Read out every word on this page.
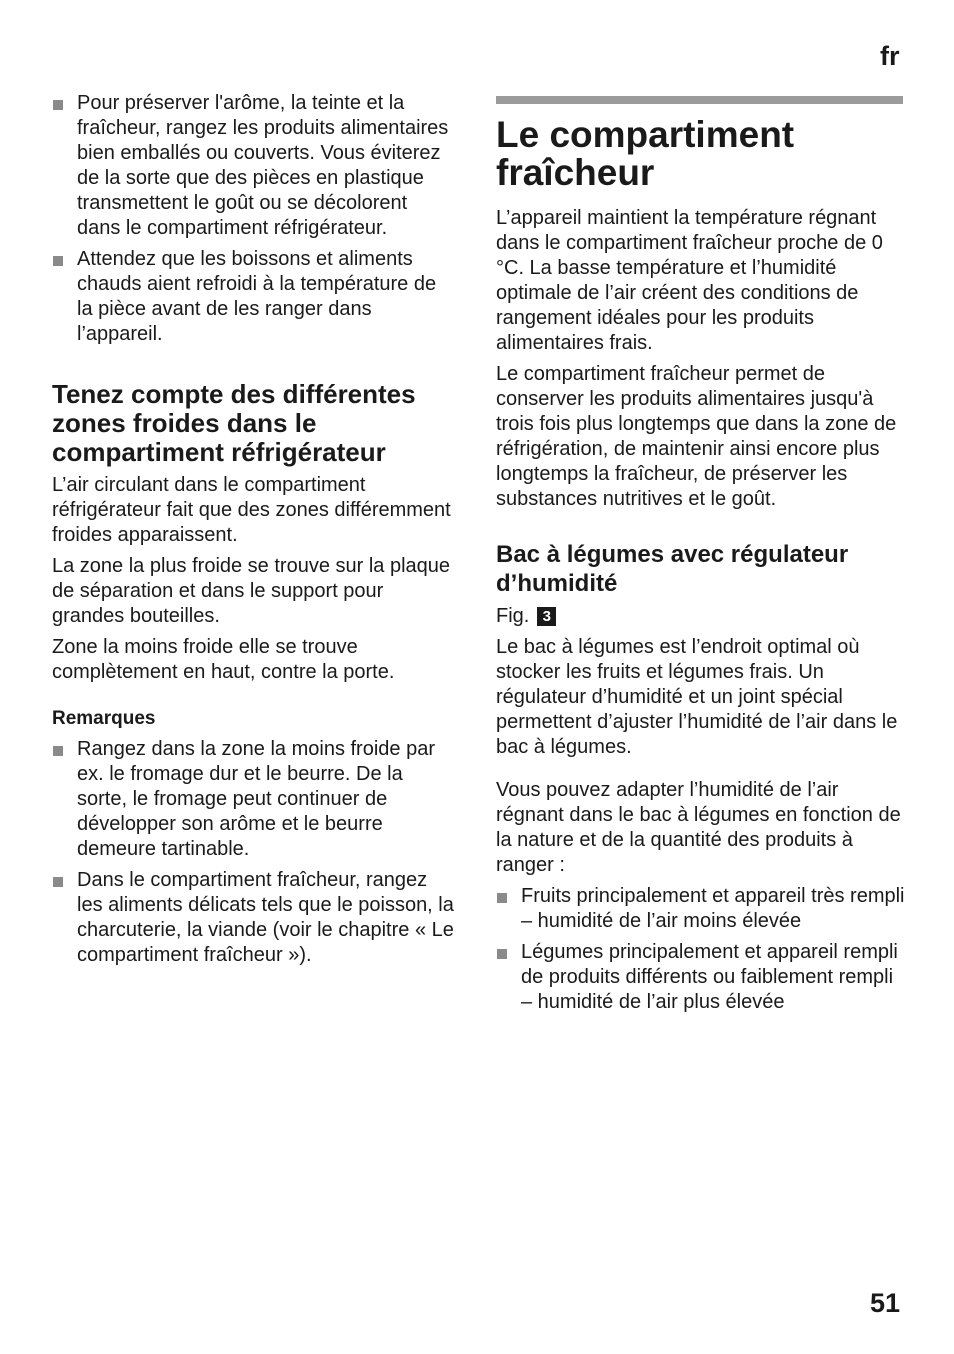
fr
Pour préserver l'arôme, la teinte et la fraîcheur, rangez les produits alimentaires bien emballés ou couverts. Vous éviterez de la sorte que des pièces en plastique transmettent le goût ou se décolorent dans le compartiment réfrigérateur.
Attendez que les boissons et aliments chauds aient refroidi à la température de la pièce avant de les ranger dans l’appareil.
Tenez compte des différentes zones froides dans le compartiment réfrigérateur

L’air circulant dans le compartiment réfrigérateur fait que des zones différemment froides apparaissent.

La zone la plus froide se trouve sur la plaque de séparation et dans le support pour grandes bouteilles.

Zone la moins froide elle se trouve complètement en haut, contre la porte.

Remarques
Rangez dans la zone la moins froide par ex. le fromage dur et le beurre. De la sorte, le fromage peut continuer de développer son arôme et le beurre demeure tartinable.
Dans le compartiment fraîcheur, rangez les aliments délicats tels que le poisson, la charcuterie, la viande (voir le chapitre « Le compartiment fraîcheur »).
Le compartiment fraîcheur

L’appareil maintient la température régnant dans le compartiment fraîcheur proche de 0 °C. La basse température et l’humidité optimale de l’air créent des conditions de rangement idéales pour les produits alimentaires frais.

Le compartiment fraîcheur permet de conserver les produits alimentaires jusqu'à trois fois plus longtemps que dans la zone de réfrigération, de maintenir ainsi encore plus longtemps la fraîcheur, de préserver les substances nutritives et le goût.

Bac à légumes avec régulateur d’humidité

Fig. 3

Le bac à légumes est l’endroit optimal où stocker les fruits et légumes frais. Un régulateur d’humidité et un joint spécial permettent d’ajuster l’humidité de l’air dans le bac à légumes.

Vous pouvez adapter l’humidité de l’air régnant dans le bac à légumes en fonction de la nature et de la quantité des produits à ranger :

Fruits principalement et appareil très rempli – humidité de l’air moins élevée
Légumes principalement et appareil rempli de produits différents ou faiblement rempli – humidité de l’air plus élevée
51
